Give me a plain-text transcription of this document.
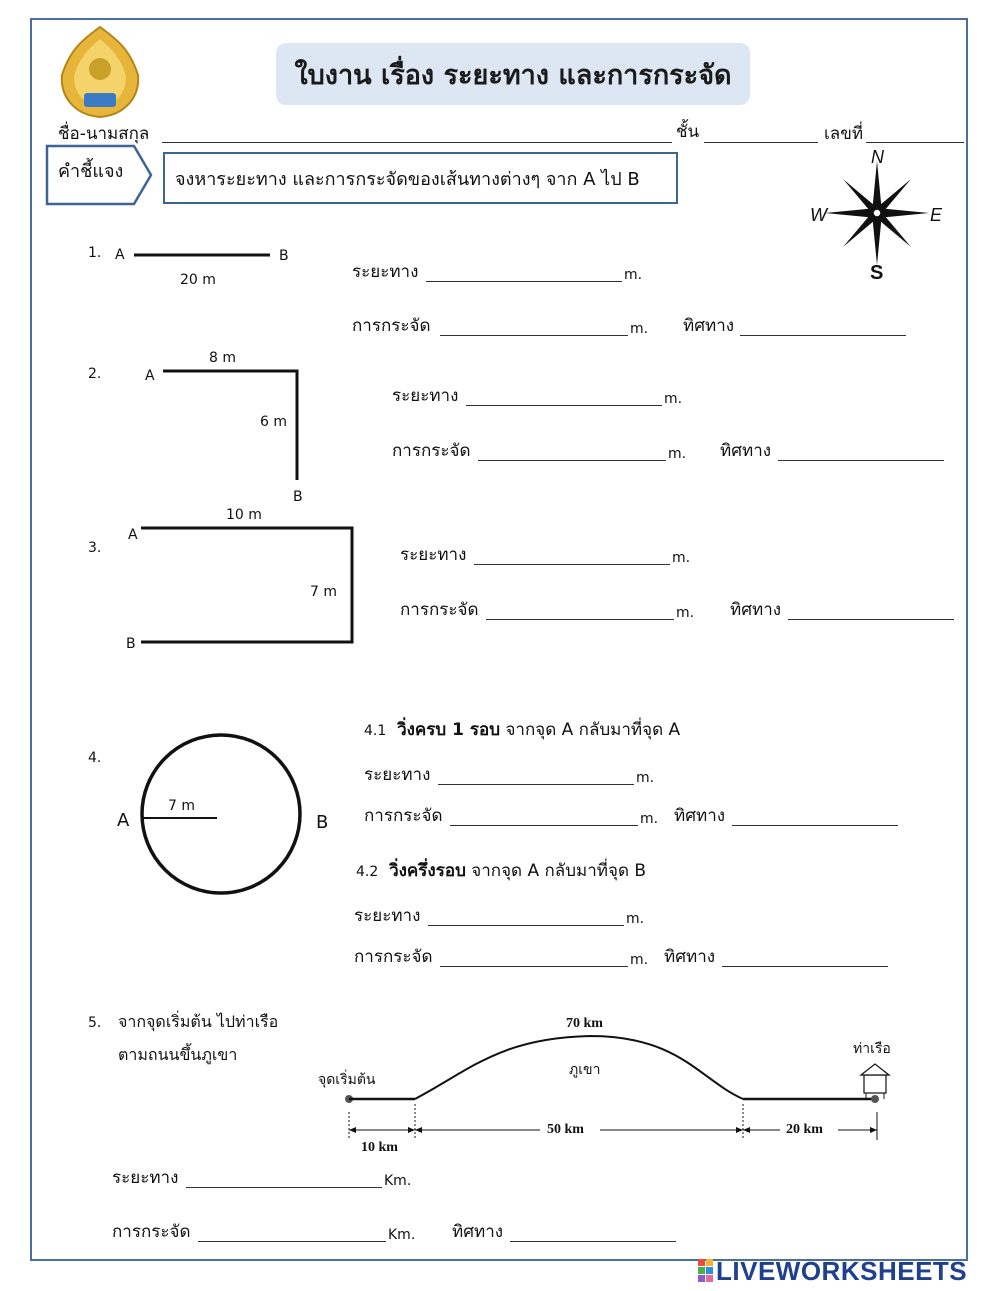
ใบงาน เรื่อง ระยะทาง และการกระจัด
ชื่อ-นามสกุล	ชั้น	เลขที่
คำชี้แจง	จงหาระยะทาง และการกระจัดของเส้นทางต่างๆ จาก A ไป B
N
S
E
W
1. A	B
20 m	ระยะทาง	m.
การกระจัด	m. ทิศทาง
2.	A
8 m
6 m
B
ระยะทาง	m.
การกระจัด	m. ทิศทาง
10 m
A
3.
7 m
B
ระยะทาง	m.
การกระจัด	m. ทิศทาง
4.
A
7 m
B
4.1 วิ่งครบ 1 รอบ จากจุด A กลับมาที่จุด A
ระยะทาง	m.
การกระจัด	m. ทิศทาง
4.2 วิ่งครึ่งรอบ จากจุด A กลับมาที่จุด B
ระยะทาง	m.
การกระจัด	m. ทิศทาง
5. จากจุดเริ่มต้น ไปท่าเรือ
ตามถนนขึ้นภูเขา
จุดเริ่มต้น
ท่าเรือ
ภูเขา
70 km
10 km
50 km	20 km
ระยะทาง	Km.
การกระจัด	Km. ทิศทาง
LIVEWORKSHEETS
